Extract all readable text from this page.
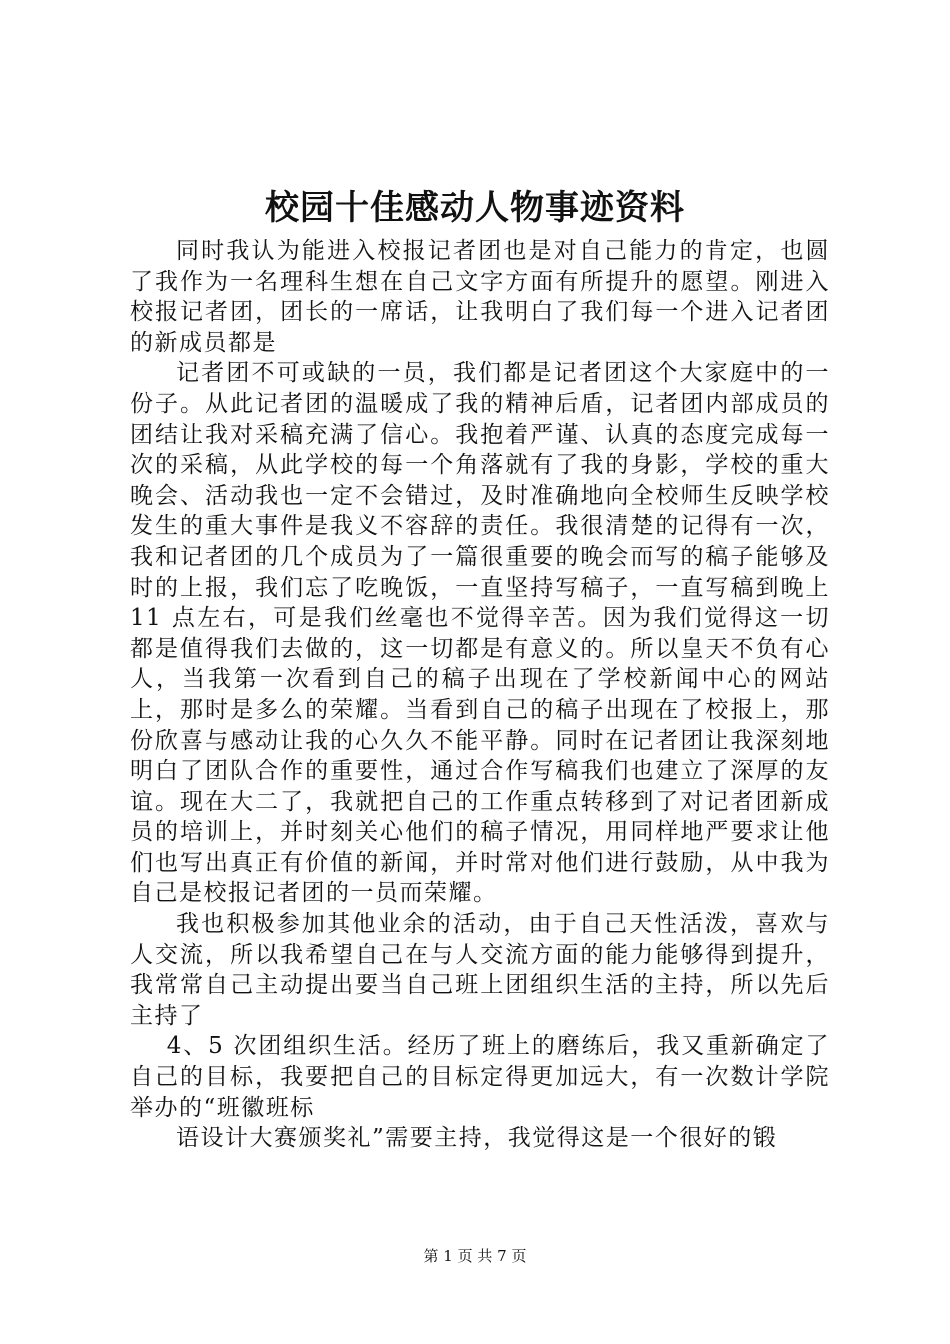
校园十佳感动人物事迹资料

同时我认为能进入校报记者团也是对自己能力的肯定，也圆了我作为一名理科生想在自己文字方面有所提升的愿望。刚进入校报记者团，团长的一席话，让我明白了我们每一个进入记者团的新成员都是

记者团不可或缺的一员，我们都是记者团这个大家庭中的一份子。从此记者团的温暖成了我的精神后盾，记者团内部成员的团结让我对采稿充满了信心。我抱着严谨、认真的态度完成每一次的采稿，从此学校的每一个角落就有了我的身影，学校的重大晚会、活动我也一定不会错过，及时准确地向全校师生反映学校发生的重大事件是我义不容辞的责任。我很清楚的记得有一次，我和记者团的几个成员为了一篇很重要的晚会而写的稿子能够及时的上报，我们忘了吃晚饭，一直坚持写稿子，一直写稿到晚上 11 点左右，可是我们丝毫也不觉得辛苦。因为我们觉得这一切都是值得我们去做的，这一切都是有意义的。所以皇天不负有心人，当我第一次看到自己的稿子出现在了学校新闻中心的网站上，那时是多么的荣耀。当看到自己的稿子出现在了校报上，那份欣喜与感动让我的心久久不能平静。同时在记者团让我深刻地明白了团队合作的重要性，通过合作写稿我们也建立了深厚的友谊。现在大二了，我就把自己的工作重点转移到了对记者团新成员的培训上，并时刻关心他们的稿子情况，用同样地严要求让他们也写出真正有价值的新闻，并时常对他们进行鼓励，从中我为自己是校报记者团的一员而荣耀。

我也积极参加其他业余的活动，由于自己天性活泼，喜欢与人交流，所以我希望自己在与人交流方面的能力能够得到提升，我常常自己主动提出要当自己班上团组织生活的主持，所以先后主持了

4、5 次团组织生活。经历了班上的磨练后，我又重新确定了自己的目标，我要把自己的目标定得更加远大，有一次数计学院举办的“班徽班标

语设计大赛颁奖礼”需要主持，我觉得这是一个很好的锻

第 1 页 共 7 页
